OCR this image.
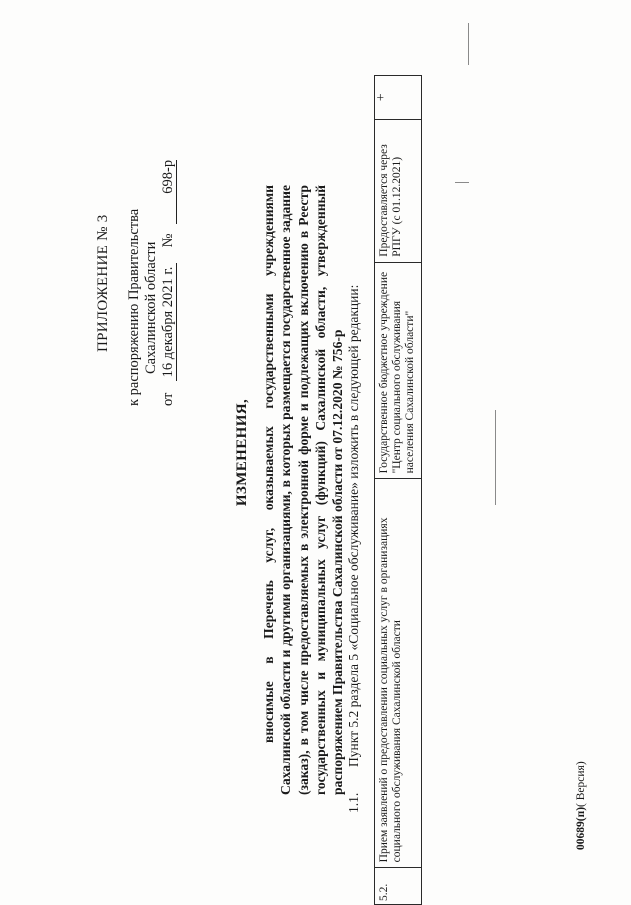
ПРИЛОЖЕНИЕ № 3 к распоряжению Правительства Сахалинской области
от 16 декабря 2021 г. № 698-р
ИЗМЕНЕНИЯ, вносимые в Перечень услуг, оказываемых государственными учреждениями Сахалинской области и другими организациями, в которых размещается государственное задание (заказ), в том числе предоставляемых в электронной форме и подлежащих включению в Реестр государственных и муниципальных услуг (функций) Сахалинской области, утвержденный распоряжением Правительства Сахалинской области от 07.12.2020 № 756-р
1.1.Пункт 5.2 раздела 5 «Социальное обслуживание» изложить в следующей редакции:
5.2.	Прием заявлений о предоставлении социальных услуг в организациях социального обслуживания Сахалинской области	Государственное бюджетное учреждение "Центр социального обслуживания населения Сахалинской области"	Предоставляется через РПГУ (с 01.12.2021)	+
00689(п)( Версия)
